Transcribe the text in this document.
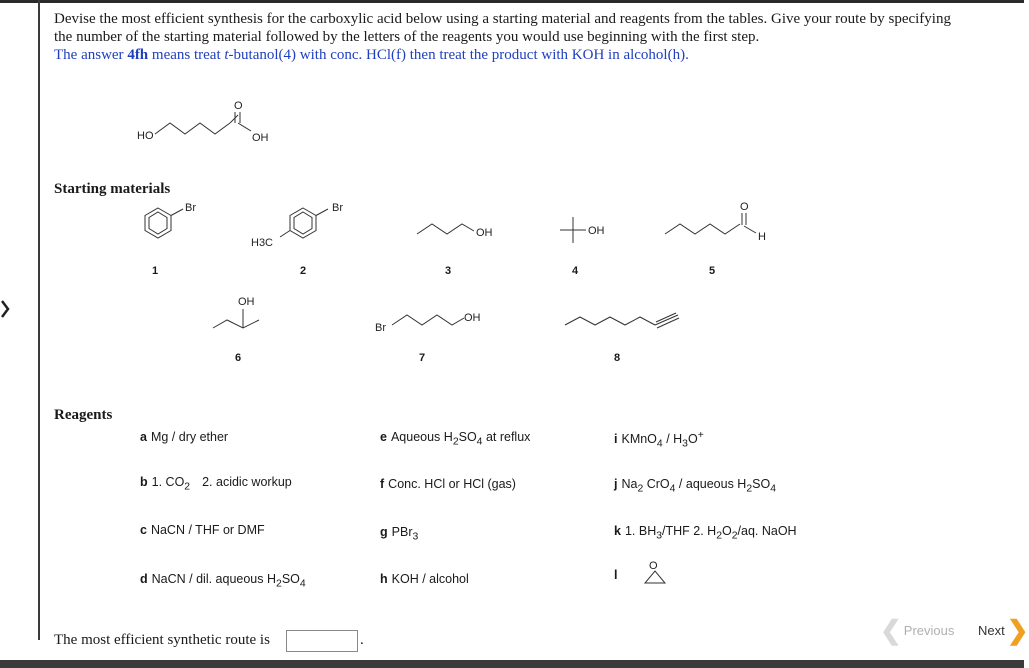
Devise the most efficient synthesis for the carboxylic acid below using a starting material and reagents from the tables. Give your route by specifying
the number of the starting material followed by the letters of the reagents you would use beginning with the first step.
The answer 4fh means treat t-butanol(4) with conc. HCl(f) then treat the product with KOH in alcohol(h).
HO
O
OH
Starting materials
Br
1
Br
H3C
2
OH
3
OH
4
O
H
5
OH
6
Br
OH
7	8
Reagents
a Mg / dry ether
b 1. $CO_2$ 2. acidic workup
c NaCN / THF or DMF
d NaCN / dil. aqueous $H_2SO_4$
e Aqueous $H_2SO_4$ at reflux
f Conc. HCl or HCl (gas)
g PBr$_3$
h KOH / alcohol
i KMnO$_4$ / $H_3O^+$
j $Na_2$ CrO$_4$ / aqueous $H_2SO_4$
k 1. $BH_3$/THF 2. $H_2O_2/aq$. NaOH
l
O
The most efficient synthetic route is	.	❮ Previous Next ❯
